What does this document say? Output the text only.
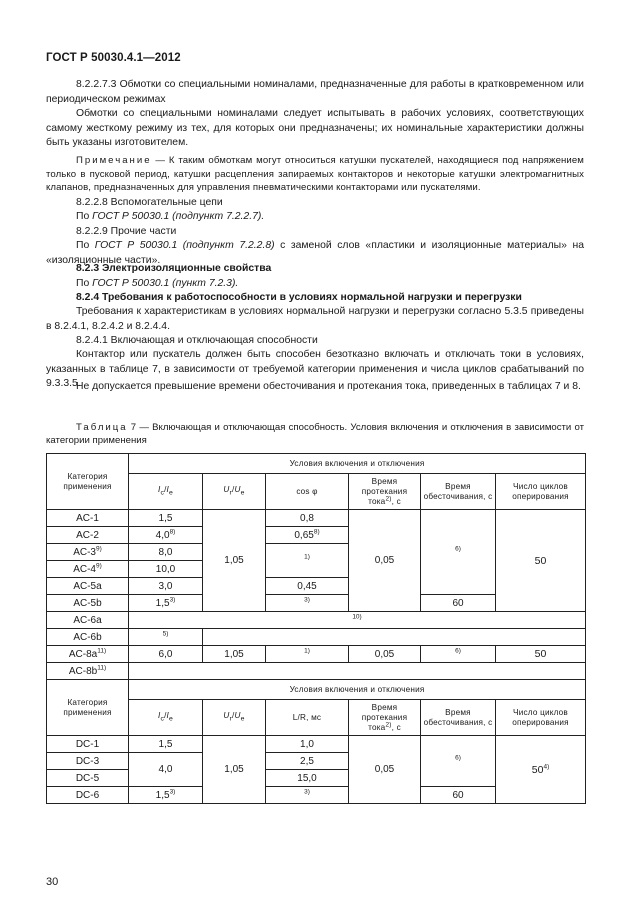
ГОСТ Р 50030.4.1—2012
8.2.2.7.3 Обмотки со специальными номиналами, предназначенные для работы в кратковременном или периодическом режимах
Обмотки со специальными номиналами следует испытывать в рабочих условиях, соответствующих самому жесткому режиму из тех, для которых они предназначены; их номинальные характеристики должны быть указаны изготовителем.
Примечание — К таким обмоткам могут относиться катушки пускателей, находящиеся под напряжением только в пусковой период, катушки расцепления запираемых контакторов и некоторые катушки электромагнитных клапанов, предназначенных для управления пневматическими контакторами или пускателями.
8.2.2.8 Вспомогательные цепи
По ГОСТ Р 50030.1 (подпункт 7.2.2.7).
8.2.2.9 Прочие части
По ГОСТ Р 50030.1 (подпункт 7.2.2.8) с заменой слов «пластики и изоляционные материалы» на «изоляционные части».
8.2.3 Электроизоляционные свойства
По ГОСТ Р 50030.1 (пункт 7.2.3).
8.2.4 Требования к работоспособности в условиях нормальной нагрузки и перегрузки
Требования к характеристикам в условиях нормальной нагрузки и перегрузки согласно 5.3.5 приведены в 8.2.4.1, 8.2.4.2 и 8.2.4.4.
8.2.4.1 Включающая и отключающая способности
Контактор или пускатель должен быть способен безотказно включать и отключать токи в условиях, указанных в таблице 7, в зависимости от требуемой категории применения и числа циклов срабатываний по 9.3.3.5.
Не допускается превышение времени обесточивания и протекания тока, приведенных в таблицах 7 и 8.
Таблица 7 — Включающая и отключающая способность. Условия включения и отключения в зависимости от категории применения
Категория применения	Условия включения и отключения					
	$I_c/I_e$	$U_r/U_e$	cos φ	Время протекания тока$^{2)}$, с	Время обесточивания, с	Число циклов оперирования
AC-1	1,5	1,05	0,8	0,05	$^{6)}$	50
AC-2	4,0$^{8)}$		0,65$^{8)}$
AC-3$^{9)}$	8,0		$^{1)}$
AC-4$^{9)}$	10,0					
AC-5a	3,0		0,45			
AC-5b	1,5$^{3)}$		$^{3)}$		60	
AC-6a	$^{10)}$
AC-6b	$^{5)}$	
$AC-8a^{11)}$	6,0	1,05	$^{1)}$	0,05	$^{6)}$	50
$AC-8b^{11)}$	
Категория применения	Условия включения и отключения					
	$I_c/I_e$	$U_r/U_e$	L/R, мс	Время протекания тока$^{2)}$, с	Время обесточивания, с	Число циклов оперирования
DC-1	1,5	1,05	1,0	0,05	$^{6)}$	50$^{4)}$
DC-3	4,0		2,5			
DC-5			15,0			
DC-6	1,5$^{3)}$		$^{3)}$		60	
30
